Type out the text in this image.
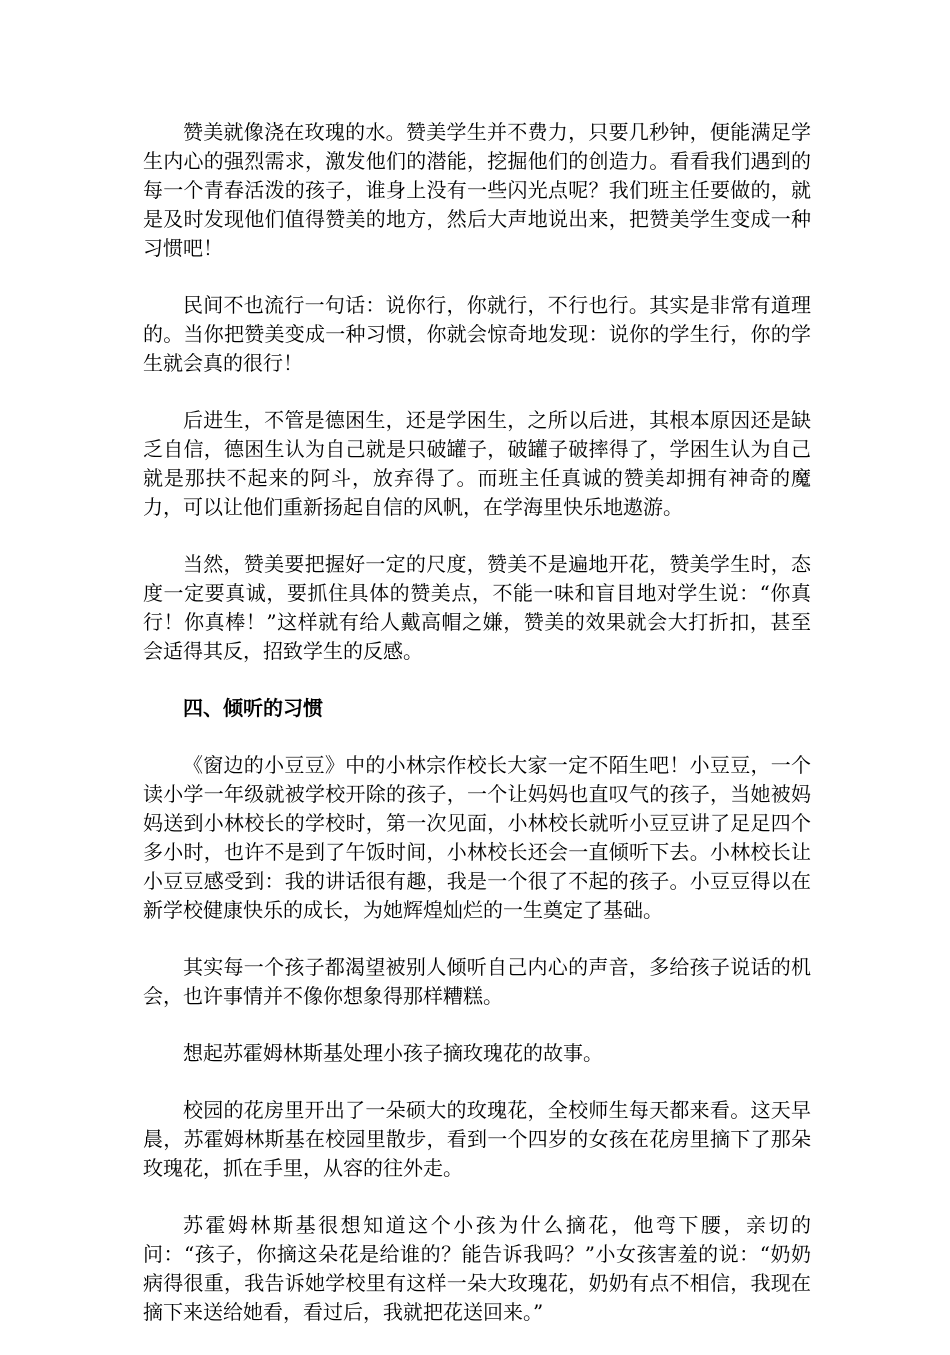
赞美就像浇在玫瑰的水。赞美学生并不费力，只要几秒钟，便能满足学生内心的强烈需求，激发他们的潜能，挖掘他们的创造力。看看我们遇到的每一个青春活泼的孩子，谁身上没有一些闪光点呢？我们班主任要做的，就是及时发现他们值得赞美的地方，然后大声地说出来，把赞美学生变成一种习惯吧！

民间不也流行一句话：说你行，你就行，不行也行。其实是非常有道理的。当你把赞美变成一种习惯，你就会惊奇地发现：说你的学生行，你的学生就会真的很行！

后进生，不管是德困生，还是学困生，之所以后进，其根本原因还是缺乏自信，德困生认为自己就是只破罐子，破罐子破摔得了，学困生认为自己就是那扶不起来的阿斗，放弃得了。而班主任真诚的赞美却拥有神奇的魔力，可以让他们重新扬起自信的风帆，在学海里快乐地遨游。

当然，赞美要把握好一定的尺度，赞美不是遍地开花，赞美学生时，态度一定要真诚，要抓住具体的赞美点，不能一味和盲目地对学生说：“你真行！你真棒！”这样就有给人戴高帽之嫌，赞美的效果就会大打折扣，甚至会适得其反，招致学生的反感。

四、倾听的习惯

《窗边的小豆豆》中的小林宗作校长大家一定不陌生吧！小豆豆，一个读小学一年级就被学校开除的孩子，一个让妈妈也直叹气的孩子，当她被妈妈送到小林校长的学校时，第一次见面，小林校长就听小豆豆讲了足足四个多小时，也许不是到了午饭时间，小林校长还会一直倾听下去。小林校长让小豆豆感受到：我的讲话很有趣，我是一个很了不起的孩子。小豆豆得以在新学校健康快乐的成长，为她辉煌灿烂的一生奠定了基础。

其实每一个孩子都渴望被别人倾听自己内心的声音，多给孩子说话的机会，也许事情并不像你想象得那样糟糕。

想起苏霍姆林斯基处理小孩子摘玫瑰花的故事。

校园的花房里开出了一朵硕大的玫瑰花，全校师生每天都来看。这天早晨，苏霍姆林斯基在校园里散步，看到一个四岁的女孩在花房里摘下了那朵玫瑰花，抓在手里，从容的往外走。

苏霍姆林斯基很想知道这个小孩为什么摘花，他弯下腰，亲切的问：“孩子，你摘这朵花是给谁的？能告诉我吗？”小女孩害羞的说：“奶奶病得很重，我告诉她学校里有这样一朵大玫瑰花，奶奶有点不相信，我现在摘下来送给她看，看过后，我就把花送回来。”
